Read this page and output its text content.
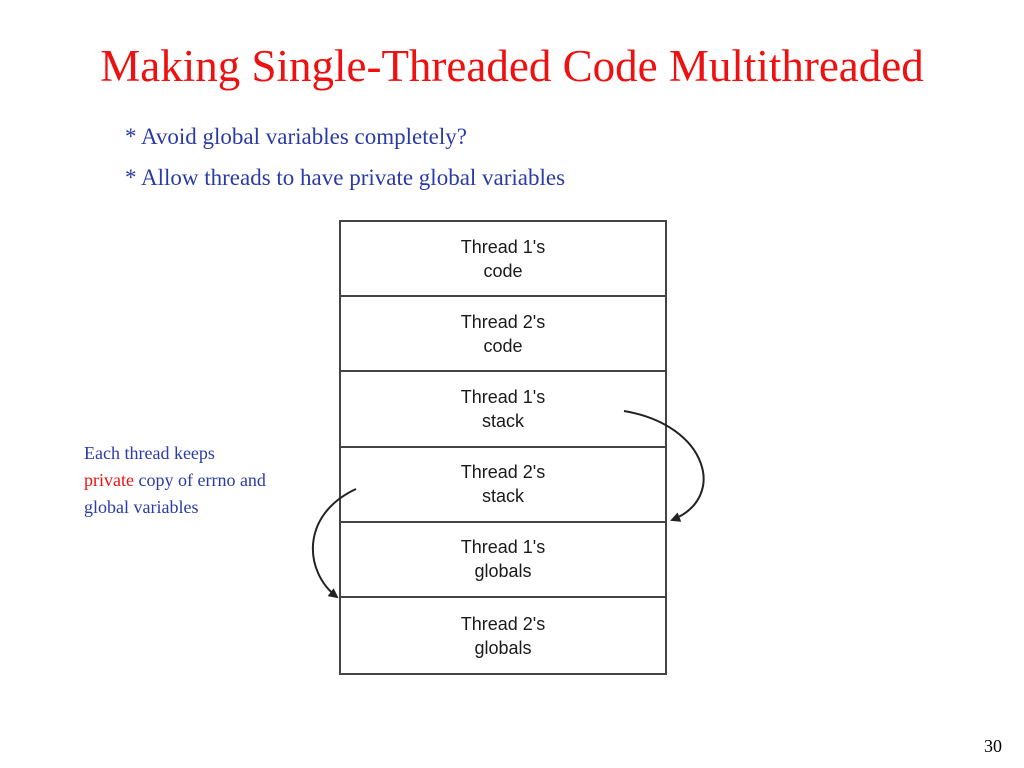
Making Single-Threaded Code Multithreaded
* Avoid global variables completely?
* Allow threads to have private global variables
Each thread keeps
private copy of errno and
global variables
Thread 1's
code
Thread 2's
code
Thread 1's
stack
Thread 2's
stack
Thread 1's
globals
Thread 2's
globals
30
